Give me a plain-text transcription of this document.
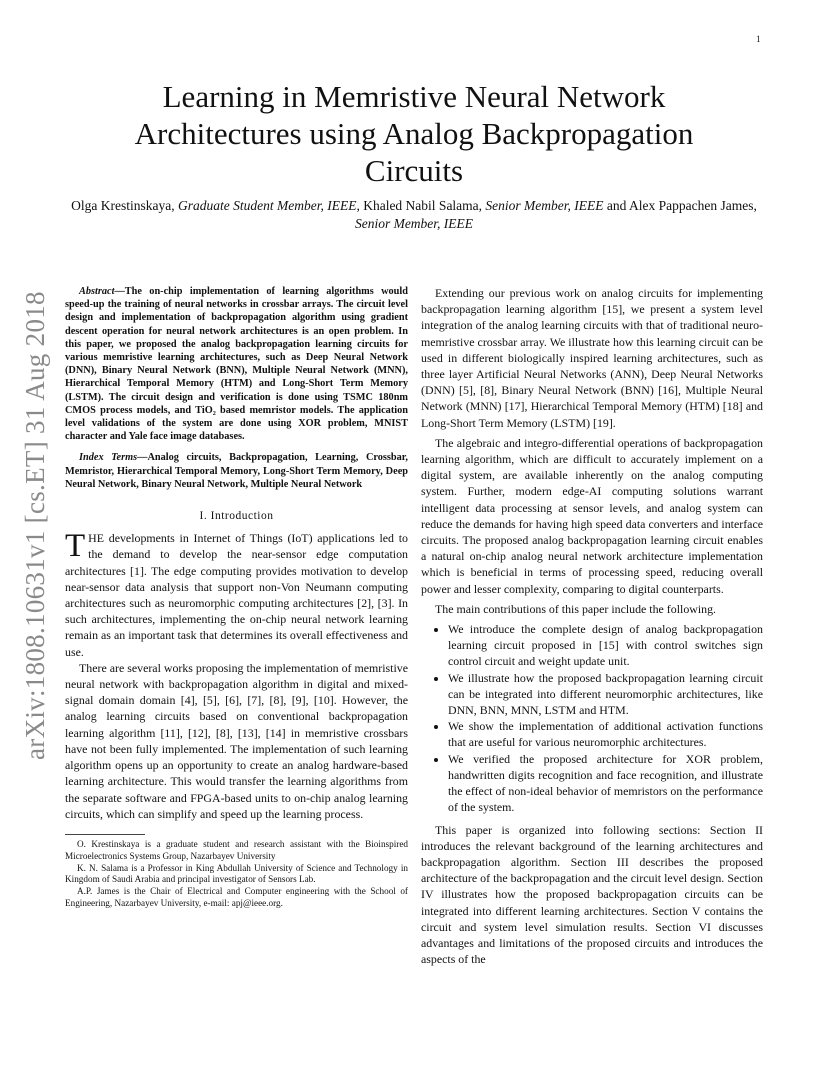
1
arXiv:1808.10631v1 [cs.ET] 31 Aug 2018
Learning in Memristive Neural Network
Architectures using Analog Backpropagation
Circuits
Olga Krestinskaya, Graduate Student Member, IEEE, Khaled Nabil Salama, Senior Member, IEEE and Alex Pappachen James, Senior Member, IEEE

Abstract—The on-chip implementation of learning algorithms would speed-up the training of neural networks in crossbar arrays. The circuit level design and implementation of backpropagation algorithm using gradient descent operation for neural network architectures is an open problem. In this paper, we proposed the analog backpropagation learning circuits for various memristive learning architectures, such as Deep Neural Network (DNN), Binary Neural Network (BNN), Multiple Neural Network (MNN), Hierarchical Temporal Memory (HTM) and Long-Short Term Memory (LSTM). The circuit design and verification is done using TSMC 180nm CMOS process models, and TiO₂ based memristor models. The application level validations of the system are done using XOR problem, MNIST character and Yale face image databases.

Index Terms—Analog circuits, Backpropagation, Learning, Crossbar, Memristor, Hierarchical Temporal Memory, Long-Short Term Memory, Deep Neural Network, Binary Neural Network, Multiple Neural Network

I. Introduction

THE developments in Internet of Things (IoT) applications led to the demand to develop the near-sensor edge computation architectures [1]. The edge computing provides motivation to develop near-sensor data analysis that support non-Von Neumann computing architectures such as neuromorphic computing architectures [2], [3]. In such architectures, implementing the on-chip neural network learning remain as an important task that determines its overall effectiveness and use.

There are several works proposing the implementation of memristive neural network with backpropagation algorithm in digital and mixed-signal domain domain [4], [5], [6], [7], [8], [9], [10]. However, the analog learning circuits based on conventional backpropagation learning algorithm [11], [12], [8], [13], [14] in memristive crossbars have not been fully implemented. The implementation of such learning algorithm opens up an opportunity to create an analog hardware-based learning architecture. This would transfer the learning algorithms from the separate software and FPGA-based units to on-chip analog learning circuits, which can simplify and speed up the learning process.

O. Krestinskaya is a graduate student and research assistant with the Bioinspired Microelectronics Systems Group, Nazarbayev University

K. N. Salama is a Professor in King Abdullah University of Science and Technology in Kingdom of Saudi Arabia and principal investigator of Sensors Lab.

A.P. James is the Chair of Electrical and Computer engineering with the School of Engineering, Nazarbayev University, e-mail: apj@ieee.org.

Extending our previous work on analog circuits for implementing backpropagation learning algorithm [15], we present a system level integration of the analog learning circuits with that of traditional neuro-memristive crossbar array. We illustrate how this learning circuit can be used in different biologically inspired learning architectures, such as three layer Artificial Neural Networks (ANN), Deep Neural Networks (DNN) [5], [8], Binary Neural Network (BNN) [16], Multiple Neural Network (MNN) [17], Hierarchical Temporal Memory (HTM) [18] and Long-Short Term Memory (LSTM) [19].

The algebraic and integro-differential operations of backpropagation learning algorithm, which are difficult to accurately implement on a digital system, are available inherently on the analog computing system. Further, modern edge-AI computing solutions warrant intelligent data processing at sensor levels, and analog system can reduce the demands for having high speed data converters and interface circuits. The proposed analog backpropagation learning circuit enables a natural on-chip analog neural network architecture implementation which is beneficial in terms of processing speed, reducing overall power and lesser complexity, comparing to digital counterparts.

The main contributions of this paper include the following.

• We introduce the complete design of analog backpropagation learning circuit proposed in [15] with control switches sign control circuit and weight update unit.
• We illustrate how the proposed backpropagation learning circuit can be integrated into different neuromorphic architectures, like DNN, BNN, MNN, LSTM and HTM.
• We show the implementation of additional activation functions that are useful for various neuromorphic architectures.
• We verified the proposed architecture for XOR problem, handwritten digits recognition and face recognition, and illustrate the effect of non-ideal behavior of memristors on the performance of the system.

This paper is organized into following sections: Section II introduces the relevant background of the learning architectures and backpropagation algorithm. Section III describes the proposed architecture of the backpropagation and the circuit level design. Section IV illustrates how the proposed backpropagation circuits can be integrated into different learning architectures. Section V contains the circuit and system level simulation results. Section VI discusses advantages and limitations of the proposed circuits and introduces the aspects of the
